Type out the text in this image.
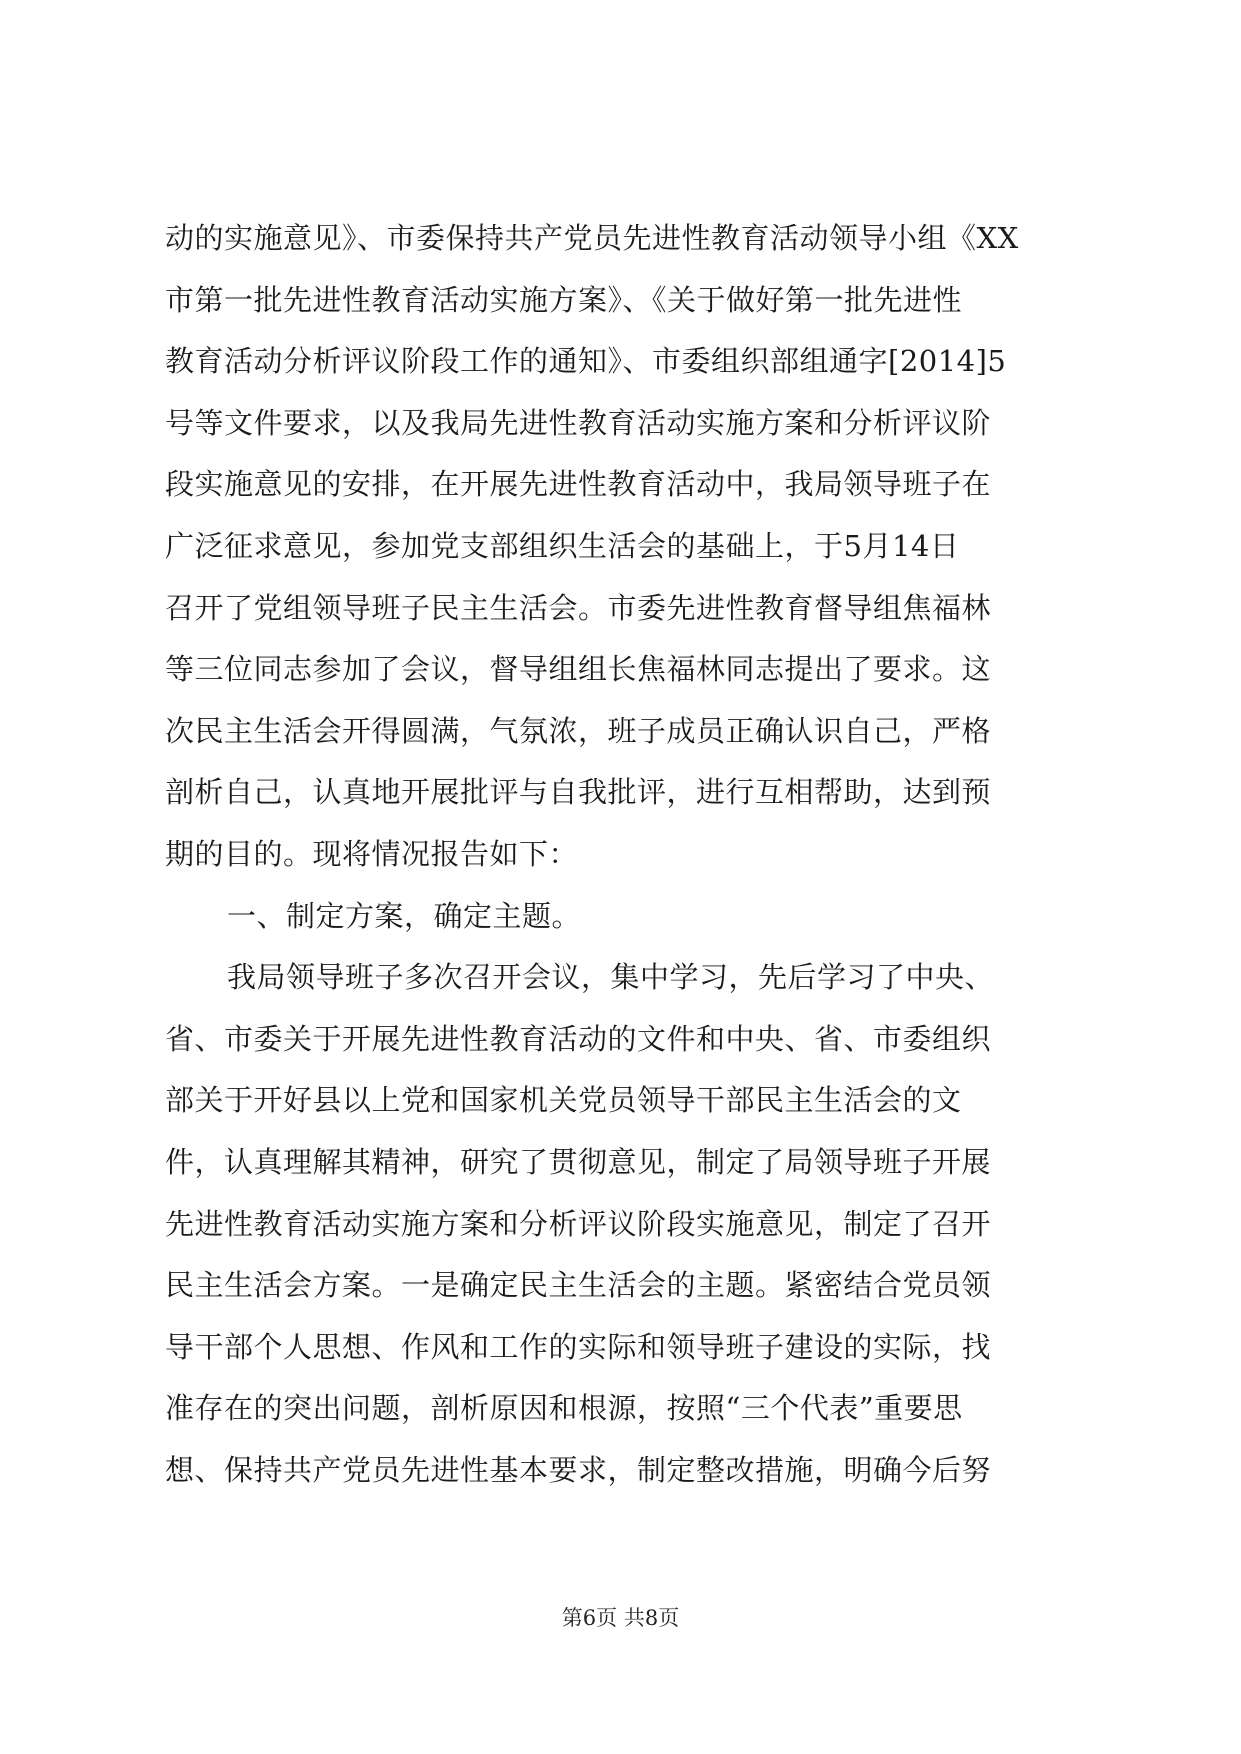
动的实施意见》、市委保持共产党员先进性教育活动领导小组《XX
市第一批先进性教育活动实施方案》、《关于做好第一批先进性
教育活动分析评议阶段工作的通知》、市委组织部组通字[2014]5
号等文件要求，以及我局先进性教育活动实施方案和分析评议阶
段实施意见的安排，在开展先进性教育活动中，我局领导班子在
广泛征求意见，参加党支部组织生活会的基础上，于5月14日
召开了党组领导班子民主生活会。市委先进性教育督导组焦福林
等三位同志参加了会议，督导组组长焦福林同志提出了要求。这
次民主生活会开得圆满，气氛浓，班子成员正确认识自己，严格
剖析自己，认真地开展批评与自我批评，进行互相帮助，达到预
期的目的。现将情况报告如下：
一、制定方案，确定主题。
我局领导班子多次召开会议，集中学习，先后学习了中央、
省、市委关于开展先进性教育活动的文件和中央、省、市委组织
部关于开好县以上党和国家机关党员领导干部民主生活会的文
件，认真理解其精神，研究了贯彻意见，制定了局领导班子开展
先进性教育活动实施方案和分析评议阶段实施意见，制定了召开
民主生活会方案。一是确定民主生活会的主题。紧密结合党员领
导干部个人思想、作风和工作的实际和领导班子建设的实际，找
准存在的突出问题，剖析原因和根源，按照“三个代表”重要思
想、保持共产党员先进性基本要求，制定整改措施，明确今后努
第6页 共8页
